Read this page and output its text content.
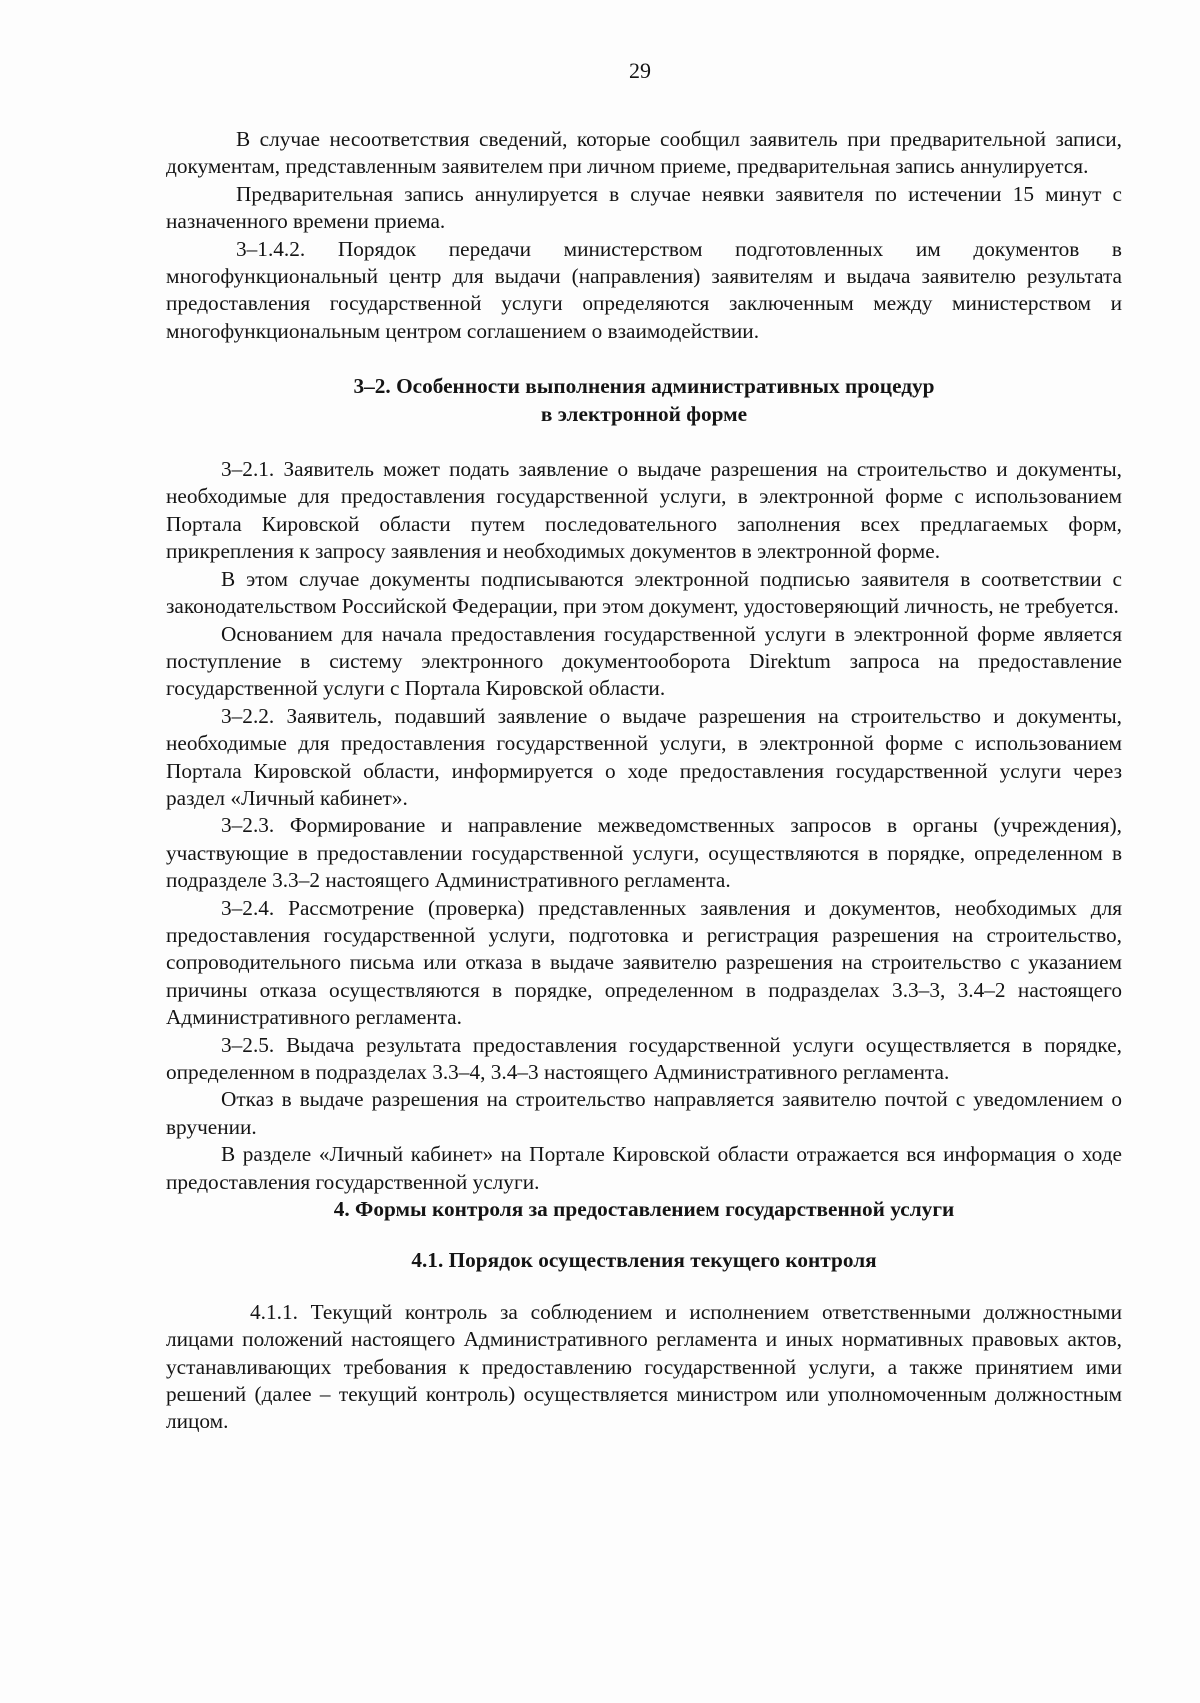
29

В случае несоответствия сведений, которые сообщил заявитель при предварительной записи, документам, представленным заявителем при личном приеме, предварительная запись аннулируется.

Предварительная запись аннулируется в случае неявки заявителя по истечении 15 минут с назначенного времени приема.

3–1.4.2. Порядок передачи министерством подготовленных им документов в многофункциональный центр для выдачи (направления) заявителям и выдача заявителю результата предоставления государственной услуги определяются заключенным между министерством и многофункциональным центром соглашением о взаимодействии.

3–2. Особенности выполнения административных процедур
в электронной форме

3–2.1. Заявитель может подать заявление о выдаче разрешения на строительство и документы, необходимые для предоставления государственной услуги, в электронной форме с использованием Портала Кировской области путем последовательного заполнения всех предлагаемых форм, прикрепления к запросу заявления и необходимых документов в электронной форме.

В этом случае документы подписываются электронной подписью заявителя в соответствии с законодательством Российской Федерации, при этом документ, удостоверяющий личность, не требуется.

Основанием для начала предоставления государственной услуги в электронной форме является поступление в систему электронного документооборота Direktum запроса на предоставление государственной услуги с Портала Кировской области.

3–2.2. Заявитель, подавший заявление о выдаче разрешения на строительство и документы, необходимые для предоставления государственной услуги, в электронной форме с использованием Портала Кировской области, информируется о ходе предоставления государственной услуги через раздел «Личный кабинет».

3–2.3. Формирование и направление межведомственных запросов в органы (учреждения), участвующие в предоставлении государственной услуги, осуществляются в порядке, определенном в подразделе 3.3–2 настоящего Административного регламента.

3–2.4. Рассмотрение (проверка) представленных заявления и документов, необходимых для предоставления государственной услуги, подготовка и регистрация разрешения на строительство, сопроводительного письма или отказа в выдаче заявителю разрешения на строительство с указанием причины отказа осуществляются в порядке, определенном в подразделах 3.3–3, 3.4–2 настоящего Административного регламента.

3–2.5. Выдача результата предоставления государственной услуги осуществляется в порядке, определенном в подразделах 3.3–4, 3.4–3 настоящего Административного регламента.

Отказ в выдаче разрешения на строительство направляется заявителю почтой с уведомлением о вручении.

В разделе «Личный кабинет» на Портале Кировской области отражается вся информация о ходе предоставления государственной услуги.

4. Формы контроля за предоставлением государственной услуги
4.1. Порядок осуществления текущего контроля

4.1.1. Текущий контроль за соблюдением и исполнением ответственными должностными лицами положений настоящего Административного регламента и иных нормативных правовых актов, устанавливающих требования к предоставлению государственной услуги, а также принятием ими решений (далее – текущий контроль) осуществляется министром или уполномоченным должностным лицом.
